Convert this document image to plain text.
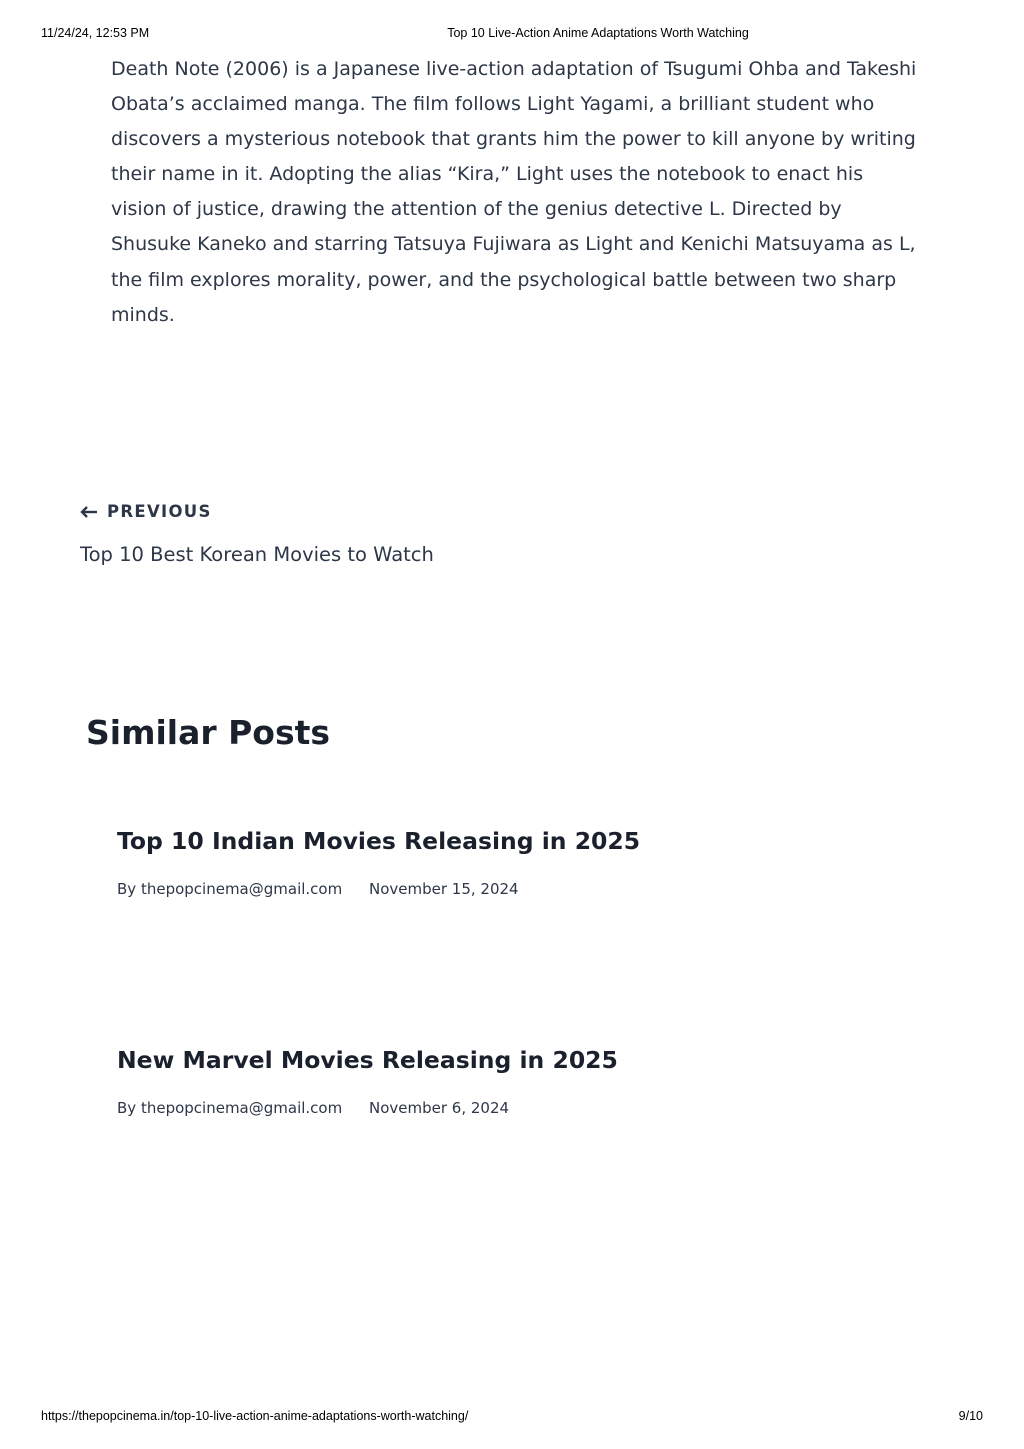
11/24/24, 12:53 PM	Top 10 Live-Action Anime Adaptations Worth Watching

Death Note (2006) is a Japanese live-action adaptation of Tsugumi Ohba and Takeshi Obata’s acclaimed manga. The film follows Light Yagami, a brilliant student who discovers a mysterious notebook that grants him the power to kill anyone by writing their name in it. Adopting the alias “Kira,” Light uses the notebook to enact his vision of justice, drawing the attention of the genius detective L. Directed by Shusuke Kaneko and starring Tatsuya Fujiwara as Light and Kenichi Matsuyama as L, the film explores morality, power, and the psychological battle between two sharp minds.

PREVIOUS
Top 10 Best Korean Movies to Watch
Similar Posts
Top 10 Indian Movies Releasing in 2025
By thepopcinema@gmail.com November 15, 2024
New Marvel Movies Releasing in 2025
By thepopcinema@gmail.com November 6, 2024
https://thepopcinema.in/top-10-live-action-anime-adaptations-worth-watching/	9/10
